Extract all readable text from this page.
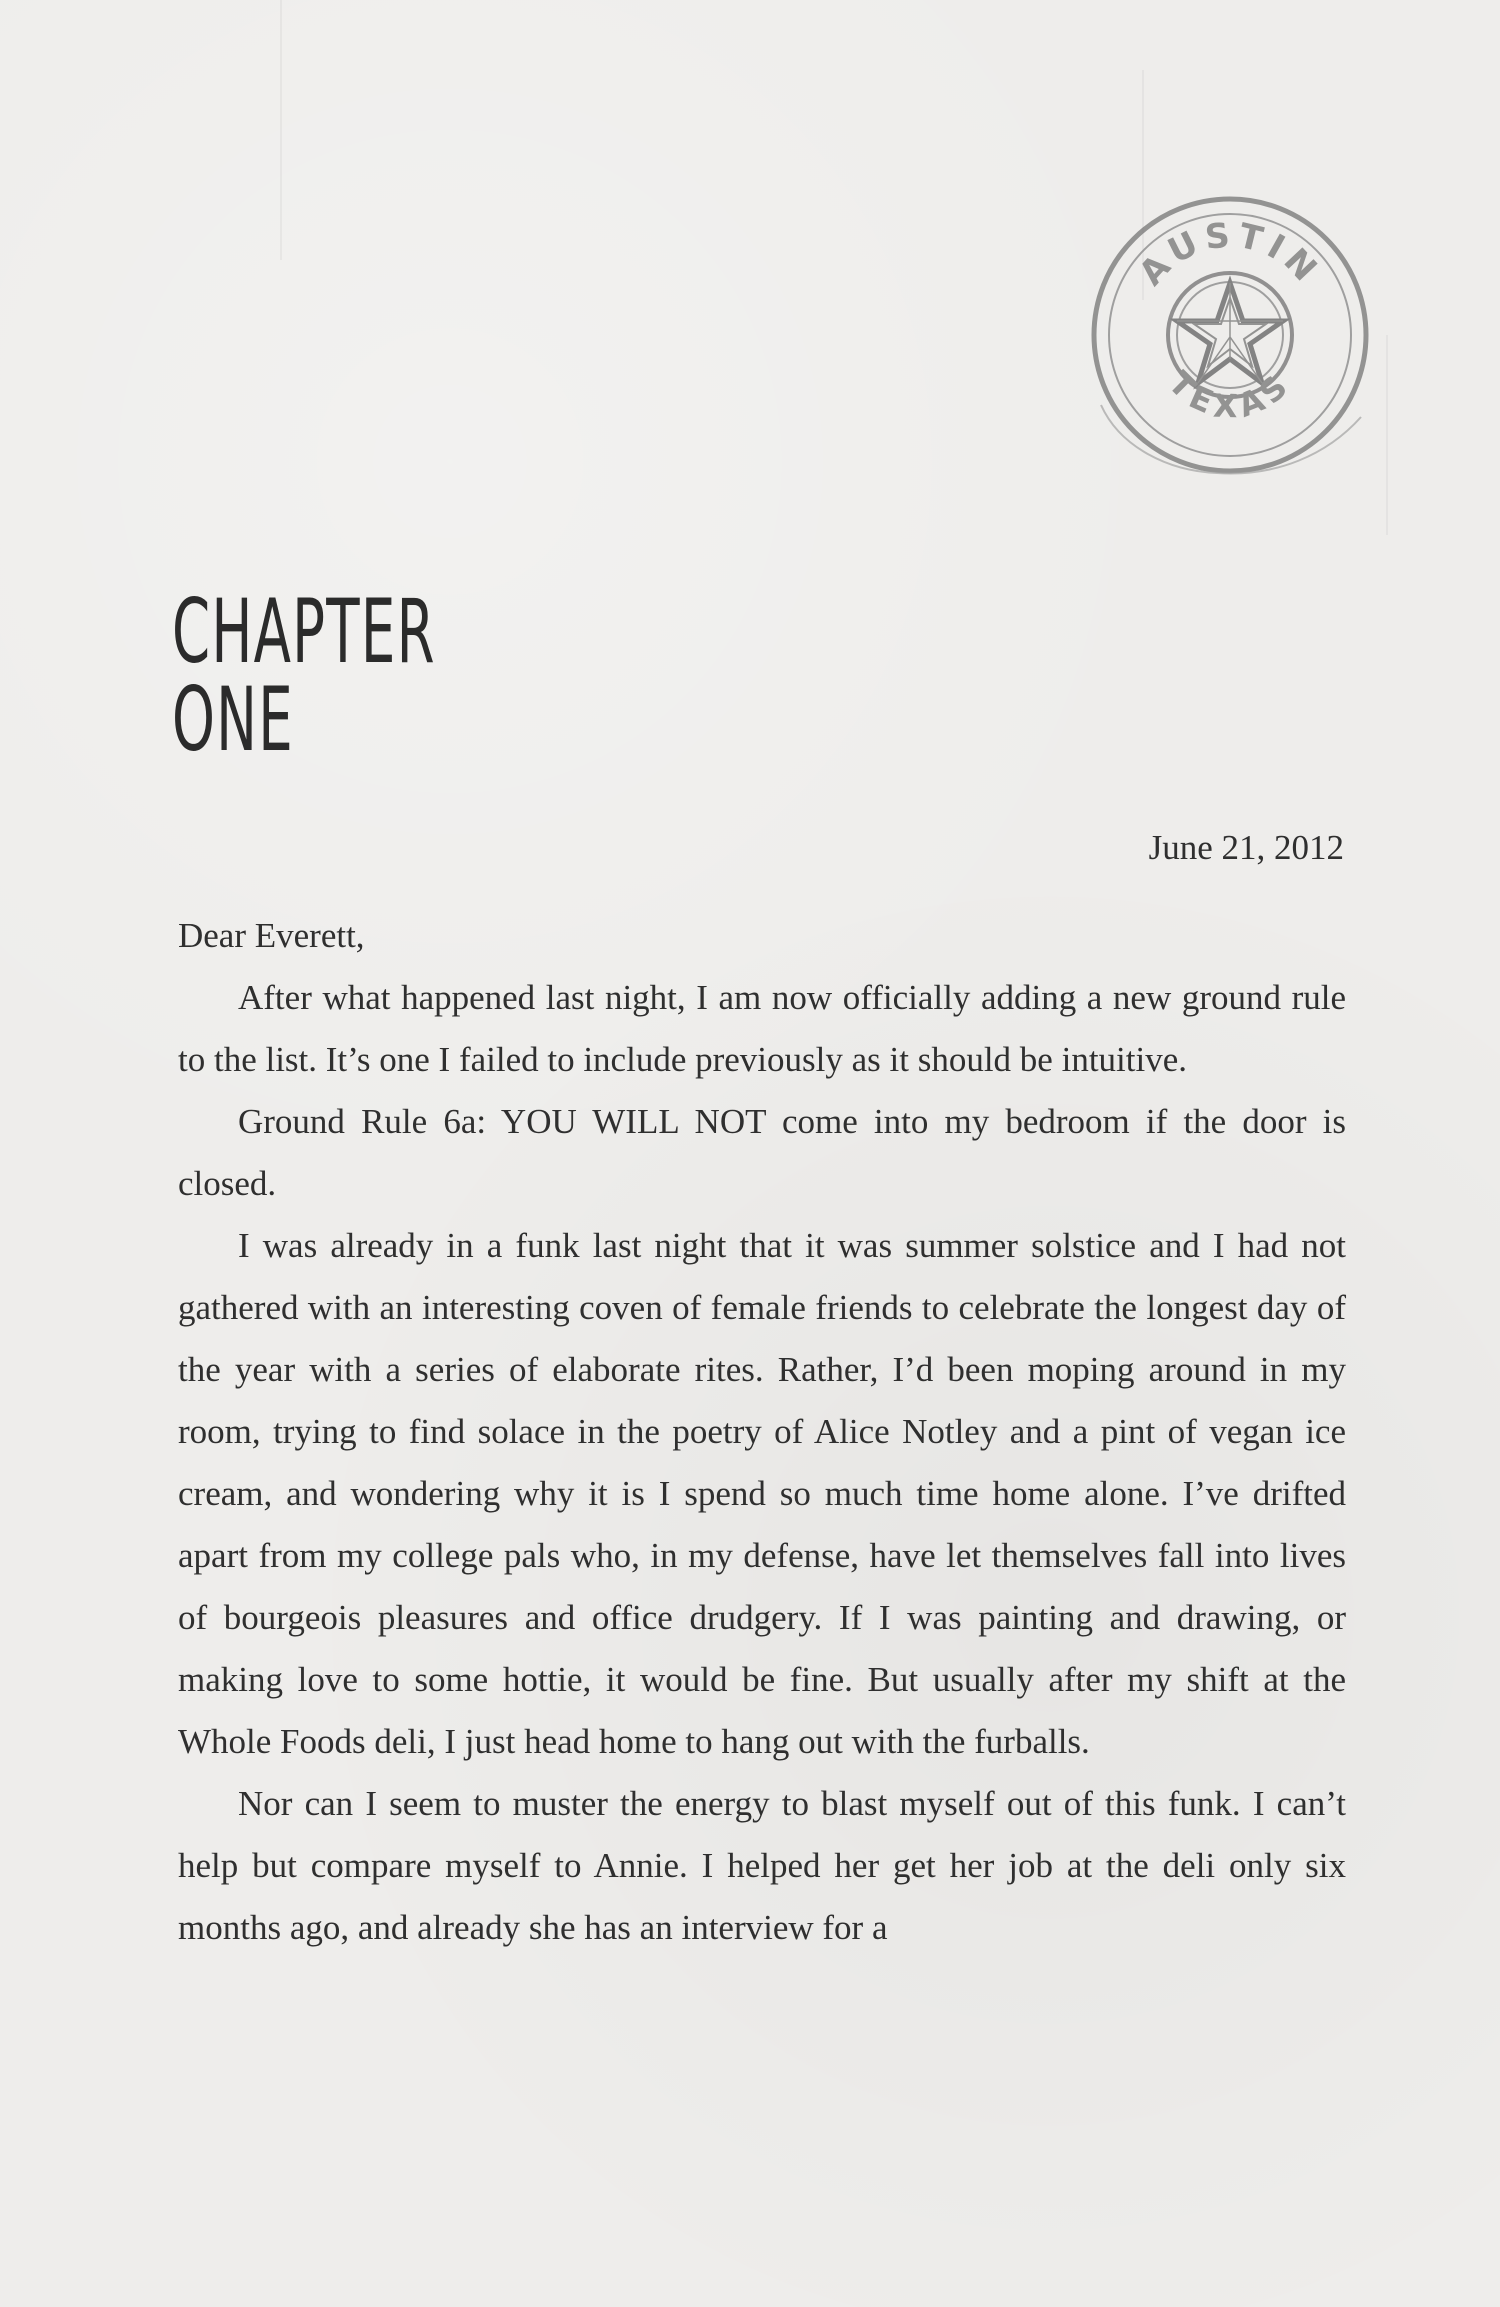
AUSTIN
TEXAS
CHAPTER ONE
June 21, 2012

Dear Everett,

After what happened last night, I am now officially adding a new ground rule to the list. It’s one I failed to include previously as it should be intuitive.

Ground Rule 6a: YOU WILL NOT come into my bedroom if the door is closed.

I was already in a funk last night that it was summer solstice and I had not gathered with an interesting coven of female friends to celebrate the longest day of the year with a series of elaborate rites. Rather, I’d been moping around in my room, trying to find solace in the poetry of Alice Notley and a pint of vegan ice cream, and wondering why it is I spend so much time home alone. I’ve drifted apart from my college pals who, in my defense, have let themselves fall into lives of bourgeois pleasures and office drudgery. If I was painting and drawing, or making love to some hottie, it would be fine. But usually after my shift at the Whole Foods deli, I just head home to hang out with the furballs.

Nor can I seem to muster the energy to blast myself out of this funk. I can’t help but compare myself to Annie. I helped her get her job at the deli only six months ago, and already she has an interview for a
